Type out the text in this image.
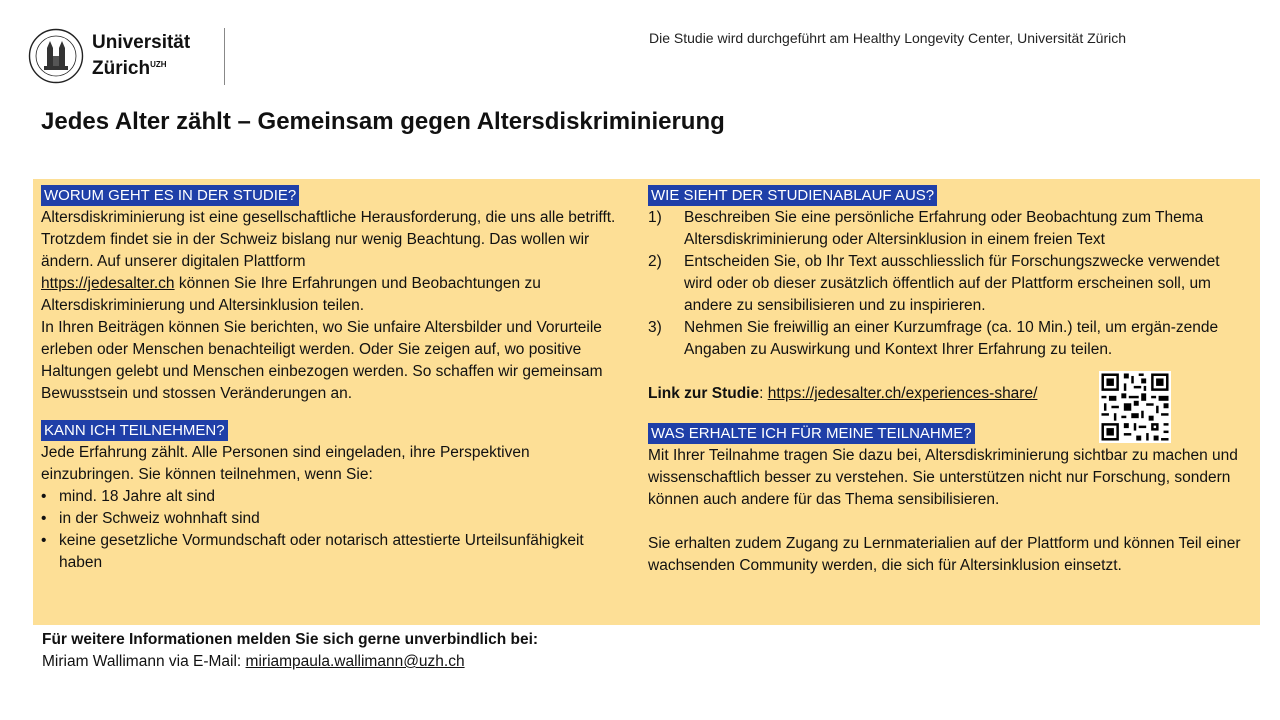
Universität
Zürich$^{UZH}$
Die Studie wird durchgeführt am Healthy Longevity Center, Universität Zürich
Jedes Alter zählt – Gemeinsam gegen Altersdiskriminierung
WORUM GEHT ES IN DER STUDIE?

Altersdiskriminierung ist eine gesellschaftliche Herausforderung, die uns alle betrifft. Trotzdem findet sie in der Schweiz bislang nur wenig Beachtung. Das wollen wir ändern. Auf unserer digitalen Plattform
https://jedesalter.ch können Sie Ihre Erfahrungen und Beobachtungen zu Altersdiskriminierung und Altersinklusion teilen.

In Ihren Beiträgen können Sie berichten, wo Sie unfaire Altersbilder und Vorurteile erleben oder Menschen benachteiligt werden. Oder Sie zeigen auf, wo positive Haltungen gelebt und Menschen einbezogen werden. So schaffen wir gemeinsam Bewusstsein und stossen Veränderungen an.

KANN ICH TEILNEHMEN?

Jede Erfahrung zählt. Alle Personen sind eingeladen, ihre Perspektiven einzubringen. Sie können teilnehmen, wenn Sie:

• mind. 18 Jahre alt sind
• in der Schweiz wohnhaft sind
• keine gesetzliche Vormundschaft oder notarisch attestierte Urteilsunfähigkeit haben
WIE SIEHT DER STUDIENABLAUF AUS?
1) Beschreiben Sie eine persönliche Erfahrung oder Beobachtung zum Thema Altersdiskriminierung oder Altersinklusion in einem freien Text
2) Entscheiden Sie, ob Ihr Text ausschliesslich für Forschungszwecke verwendet wird oder ob dieser zusätzlich öffentlich auf der Plattform erscheinen soll, um andere zu sensibilisieren und zu inspirieren.
3) Nehmen Sie freiwillig an einer Kurzumfrage (ca. 10 Min.) teil, um ergän-zende Angaben zu Auswirkung und Kontext Ihrer Erfahrung zu teilen.

Link zur Studie: https://jedesalter.ch/experiences-share/

WAS ERHALTE ICH FÜR MEINE TEILNAHME?

Mit Ihrer Teilnahme tragen Sie dazu bei, Altersdiskriminierung sichtbar zu machen und wissenschaftlich besser zu verstehen. Sie unterstützen nicht nur Forschung, sondern können auch andere für das Thema sensibilisieren.

Sie erhalten zudem Zugang zu Lernmaterialien auf der Plattform und können Teil einer wachsenden Community werden, die sich für Altersinklusion einsetzt.

Für weitere Informationen melden Sie sich gerne unverbindlich bei:
Miriam Wallimann via E-Mail: miriampaula.wallimann@uzh.ch
